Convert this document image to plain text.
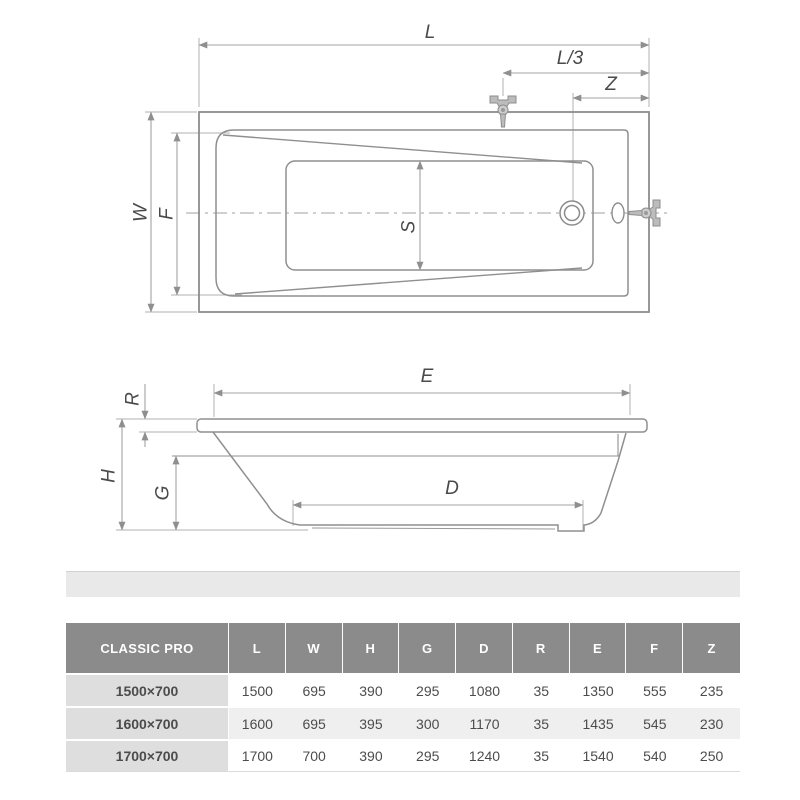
L
L/3
Z
W F
S
E
R
H
G	D
CLASSIC PRO	L	W	H	G	D	R	E	F	Z
1500×700	1500	695	390	295	1080	35	1350	555	235
1600×700	1600	695	395	300	1170	35	1435	545	230
1700×700	1700	700	390	295	1240	35	1540	540	250
